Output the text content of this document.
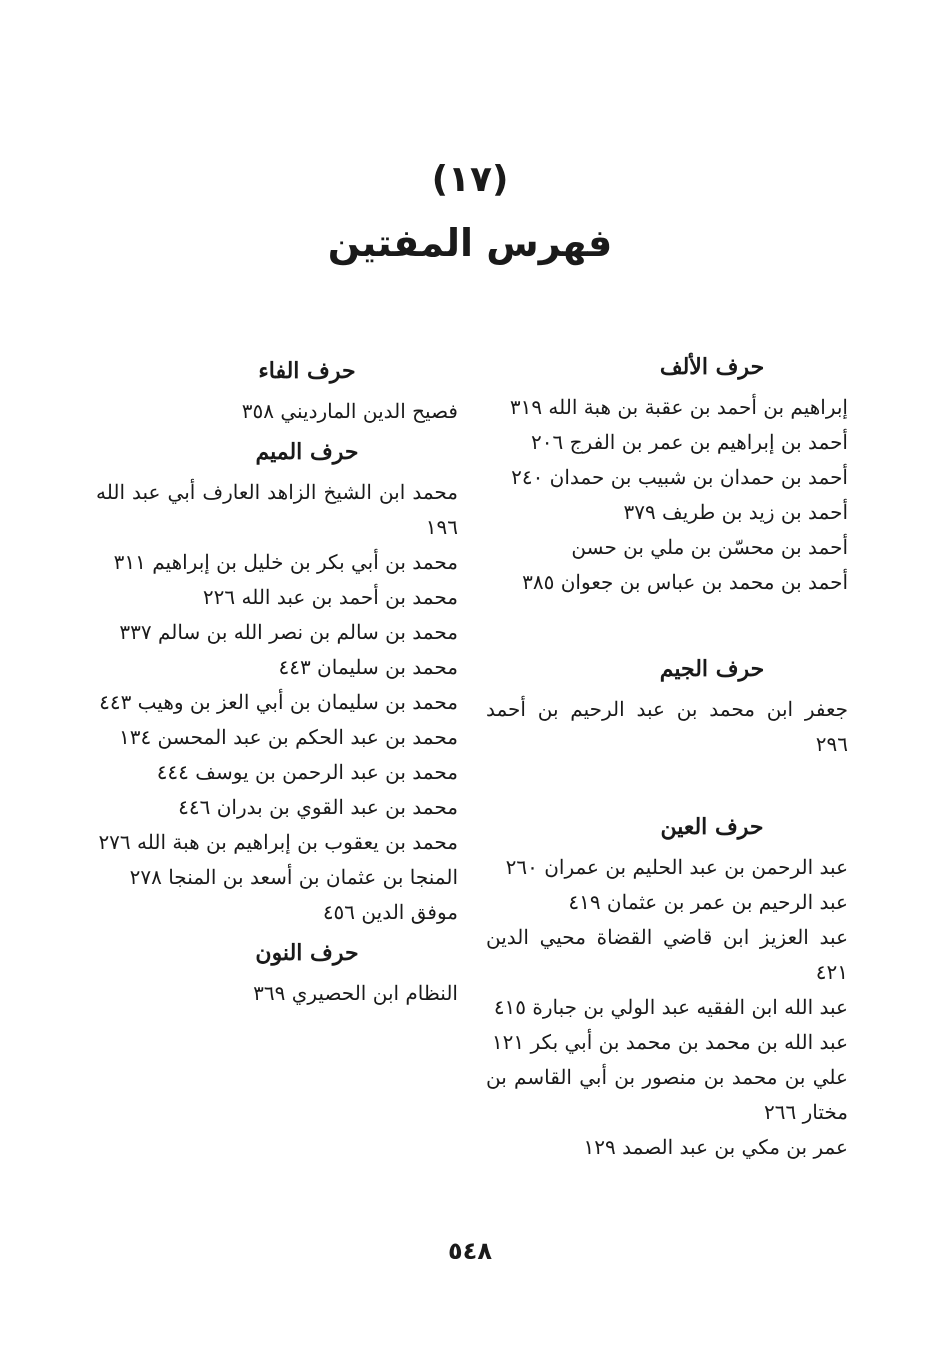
(١٧)
فهرس المفتين
حرف الألف

إبراهيم بن أحمد بن عقبة بن هبة الله ٣١٩

أحمد بن إبراهيم بن عمر بن الفرج ٢٠٦

أحمد بن حمدان بن شبيب بن حمدان ٢٤٠

أحمد بن زيد بن طريف ٣٧٩

أحمد بن محسّن بن ملي بن حسن

أحمد بن محمد بن عباس بن جعوان ٣٨٥

حرف الجيم

جعفر ابن محمد بن عبد الرحيم بن أحمد ٢٩٦

حرف العين

عبد الرحمن بن عبد الحليم بن عمران ٢٦٠

عبد الرحيم بن عمر بن عثمان ٤١٩

عبد العزيز ابن قاضي القضاة محيي الدين ٤٢١

عبد الله ابن الفقيه عبد الولي بن جبارة ٤١٥

عبد الله بن محمد بن محمد بن أبي بكر ١٢١

علي بن محمد بن منصور بن أبي القاسم بن مختار ٢٦٦

عمر بن مكي بن عبد الصمد ١٢٩

حرف الفاء

فصيح الدين المارديني ٣٥٨

حرف الميم

محمد ابن الشيخ الزاهد العارف أبي عبد الله ١٩٦

محمد بن أبي بكر بن خليل بن إبراهيم ٣١١

محمد بن أحمد بن عبد الله ٢٢٦

محمد بن سالم بن نصر الله بن سالم ٣٣٧

محمد بن سليمان ٤٤٣

محمد بن سليمان بن أبي العز بن وهيب ٤٤٣

محمد بن عبد الحكم بن عبد المحسن ١٣٤

محمد بن عبد الرحمن بن يوسف ٤٤٤

محمد بن عبد القوي بن بدران ٤٤٦

محمد بن يعقوب بن إبراهيم بن هبة الله ٢٧٦

المنجا بن عثمان بن أسعد بن المنجا ٢٧٨

موفق الدين ٤٥٦

حرف النون

النظام ابن الحصيري ٣٦٩

٥٤٨
